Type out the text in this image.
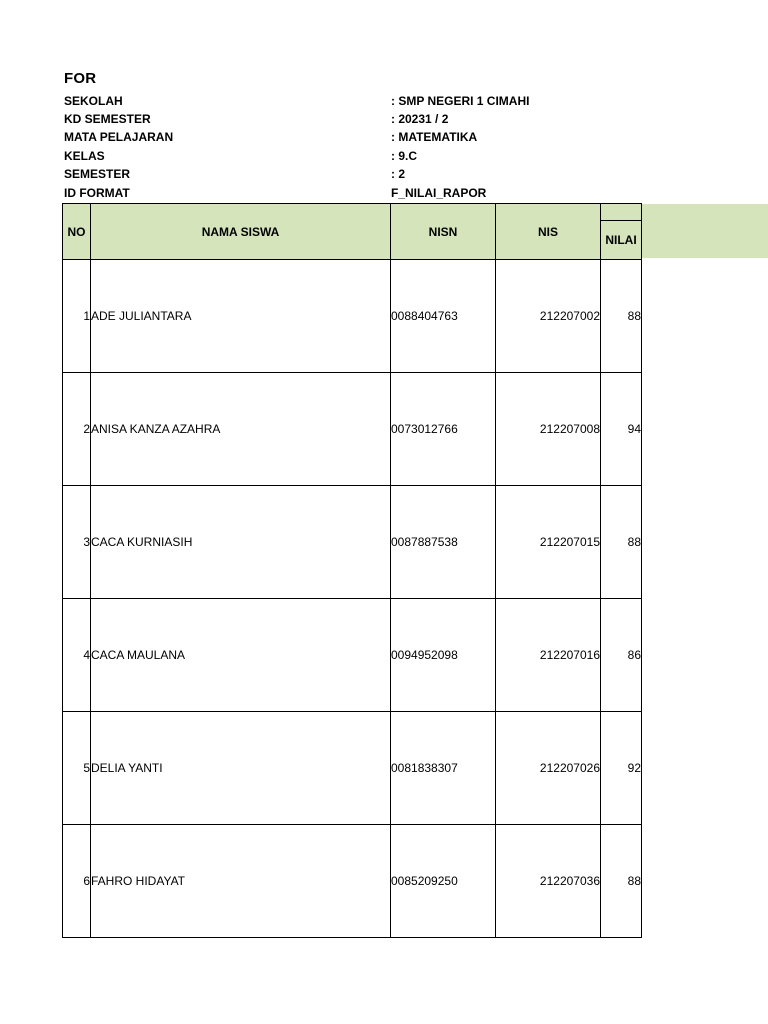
FOR
SEKOLAH	: SMP NEGERI 1 CIMAHI
KD SEMESTER	: 20231 / 2
MATA PELAJARAN	: MATEMATIKA
KELAS	: 9.C
SEMESTER	: 2
ID FORMAT	F_NILAI_RAPOR
NO	NAMA SISWA	NISN	NIS	
				NILAI
1	ADE JULIANTARA	0088404763	212207002	88
2	ANISA KANZA AZAHRA	0073012766	212207008	94
3	CACA KURNIASIH	0087887538	212207015	88
4	CACA MAULANA	0094952098	212207016	86
5	DELIA YANTI	0081838307	212207026	92
6	FAHRO HIDAYAT	0085209250	212207036	88
